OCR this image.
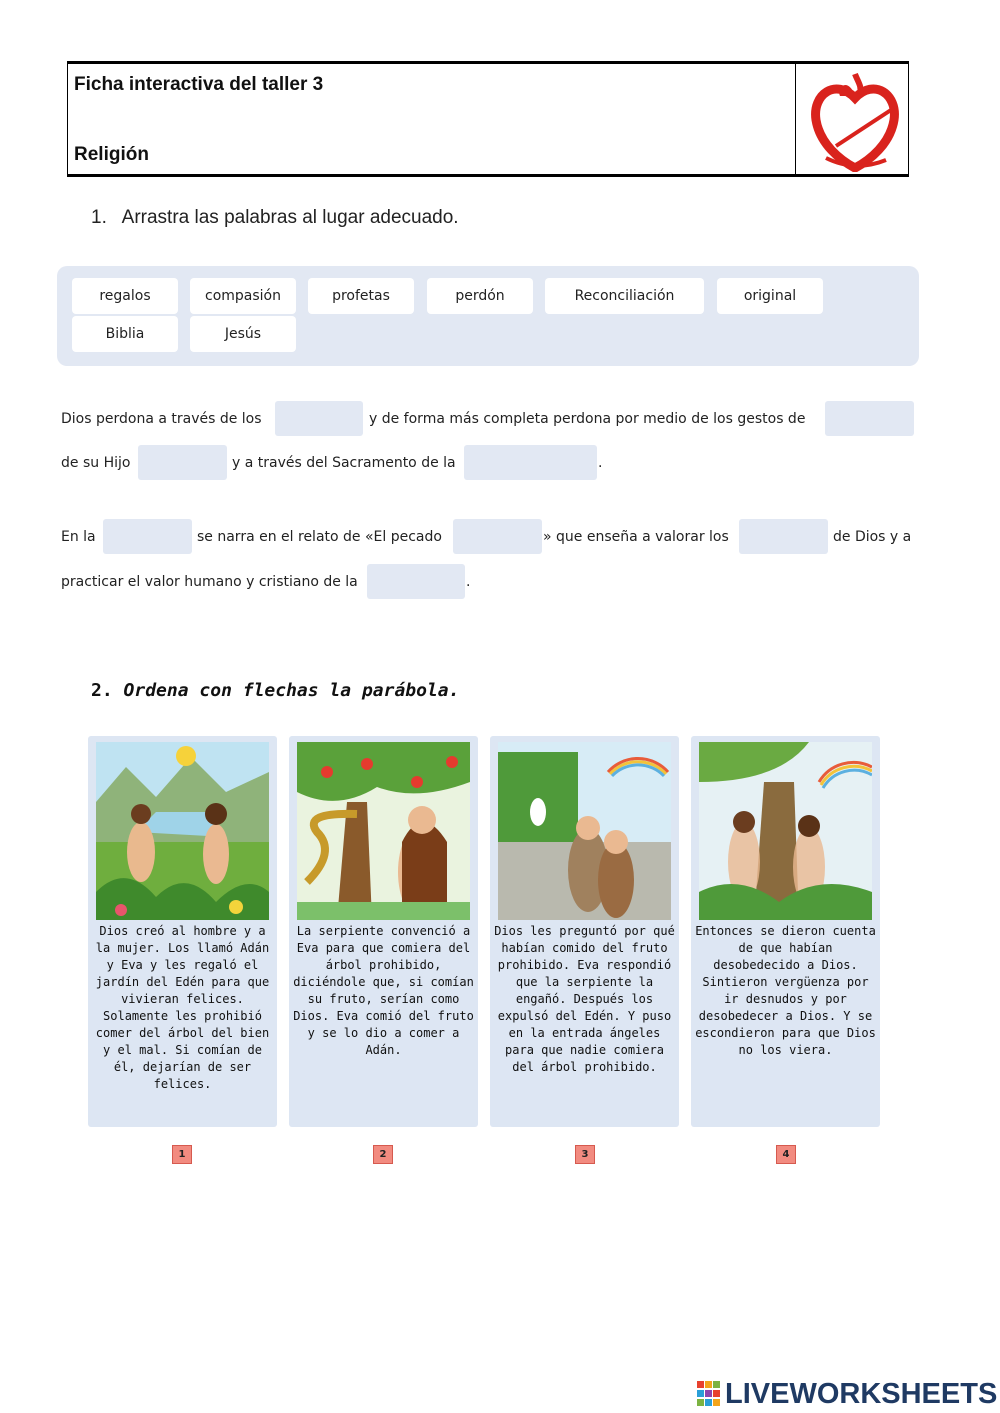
Ficha interactiva del taller 3
Religión
1. Arrastra las palabras al lugar adecuado.
regalos	compasión	profetas	perdón	Reconciliación	original
Biblia	Jesús
Dios perdona a través de los	y de forma más completa perdona por medio de los gestos de
de su Hijo	y a través del Sacramento de la	.
En la	se narra en el relato de «El pecado	» que enseña a valorar los	de Dios y a
practicar el valor humano y cristiano de la	.
2. Ordena con flechas la parábola.
Dios creó al hombre y a la mujer. Los llamó Adán y Eva y les regaló el jardín del Edén para que vivieran felices. Solamente les prohibió comer del árbol del bien y el mal. Si comían de él, dejarían de ser felices.
La serpiente convenció a Eva para que comiera del árbol prohibido, diciéndole que, si comían su fruto, serían como Dios. Eva comió del fruto y se lo dio a comer a Adán.
Dios les preguntó por qué habían comido del fruto prohibido. Eva respondió que la serpiente la engañó. Después los expulsó del Edén. Y puso en la entrada ángeles para que nadie comiera del árbol prohibido.
Entonces se dieron cuenta de que habían desobedecido a Dios. Sintieron vergüenza por ir desnudos y por desobedecer a Dios. Y se escondieron para que Dios no los viera.
1	2	3	4
LIVEWORKSHEETS
